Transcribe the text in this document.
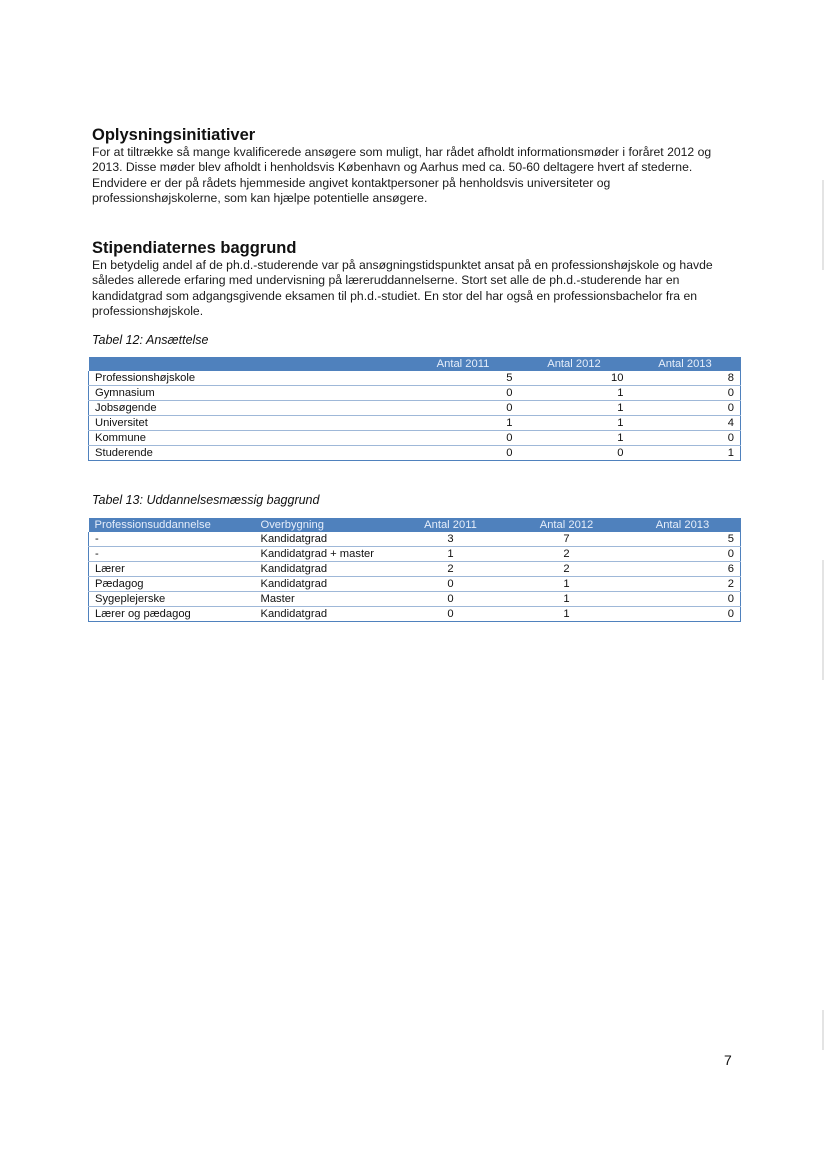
Oplysningsinitiativer

For at tiltrække så mange kvalificerede ansøgere som muligt, har rådet afholdt informationsmøder i foråret 2012 og 2013. Disse møder blev afholdt i henholdsvis København og Aarhus med ca. 50-60 deltagere hvert af stederne. Endvidere er der på rådets hjemmeside angivet kontaktpersoner på henholdsvis universiteter og professionshøjskolerne, som kan hjælpe potentielle ansøgere.

Stipendiaternes baggrund

En betydelig andel af de ph.d.-studerende var på ansøgningstidspunktet ansat på en professionshøjskole og havde således allerede erfaring med undervisning på læreruddannelserne. Stort set alle de ph.d.-studerende har en kandidatgrad som adgangsgivende eksamen til ph.d.-studiet. En stor del har også en professionsbachelor fra en professionshøjskole.

Tabel 12: Ansættelse
	Antal 2011	Antal 2012	Antal 2013
Professionshøjskole	5	10	8
Gymnasium	0	1	0
Jobsøgende	0	1	0
Universitet	1	1	4
Kommune	0	1	0
Studerende	0	0	1
Tabel 13: Uddannelsesmæssig baggrund
Professionsuddannelse	Overbygning	Antal 2011	Antal 2012	Antal 2013
-	Kandidatgrad	3	7	5
-	Kandidatgrad + master	1	2	0
Lærer	Kandidatgrad	2	2	6
Pædagog	Kandidatgrad	0	1	2
Sygeplejerske	Master	0	1	0
Lærer og pædagog	Kandidatgrad	0	1	0
7
